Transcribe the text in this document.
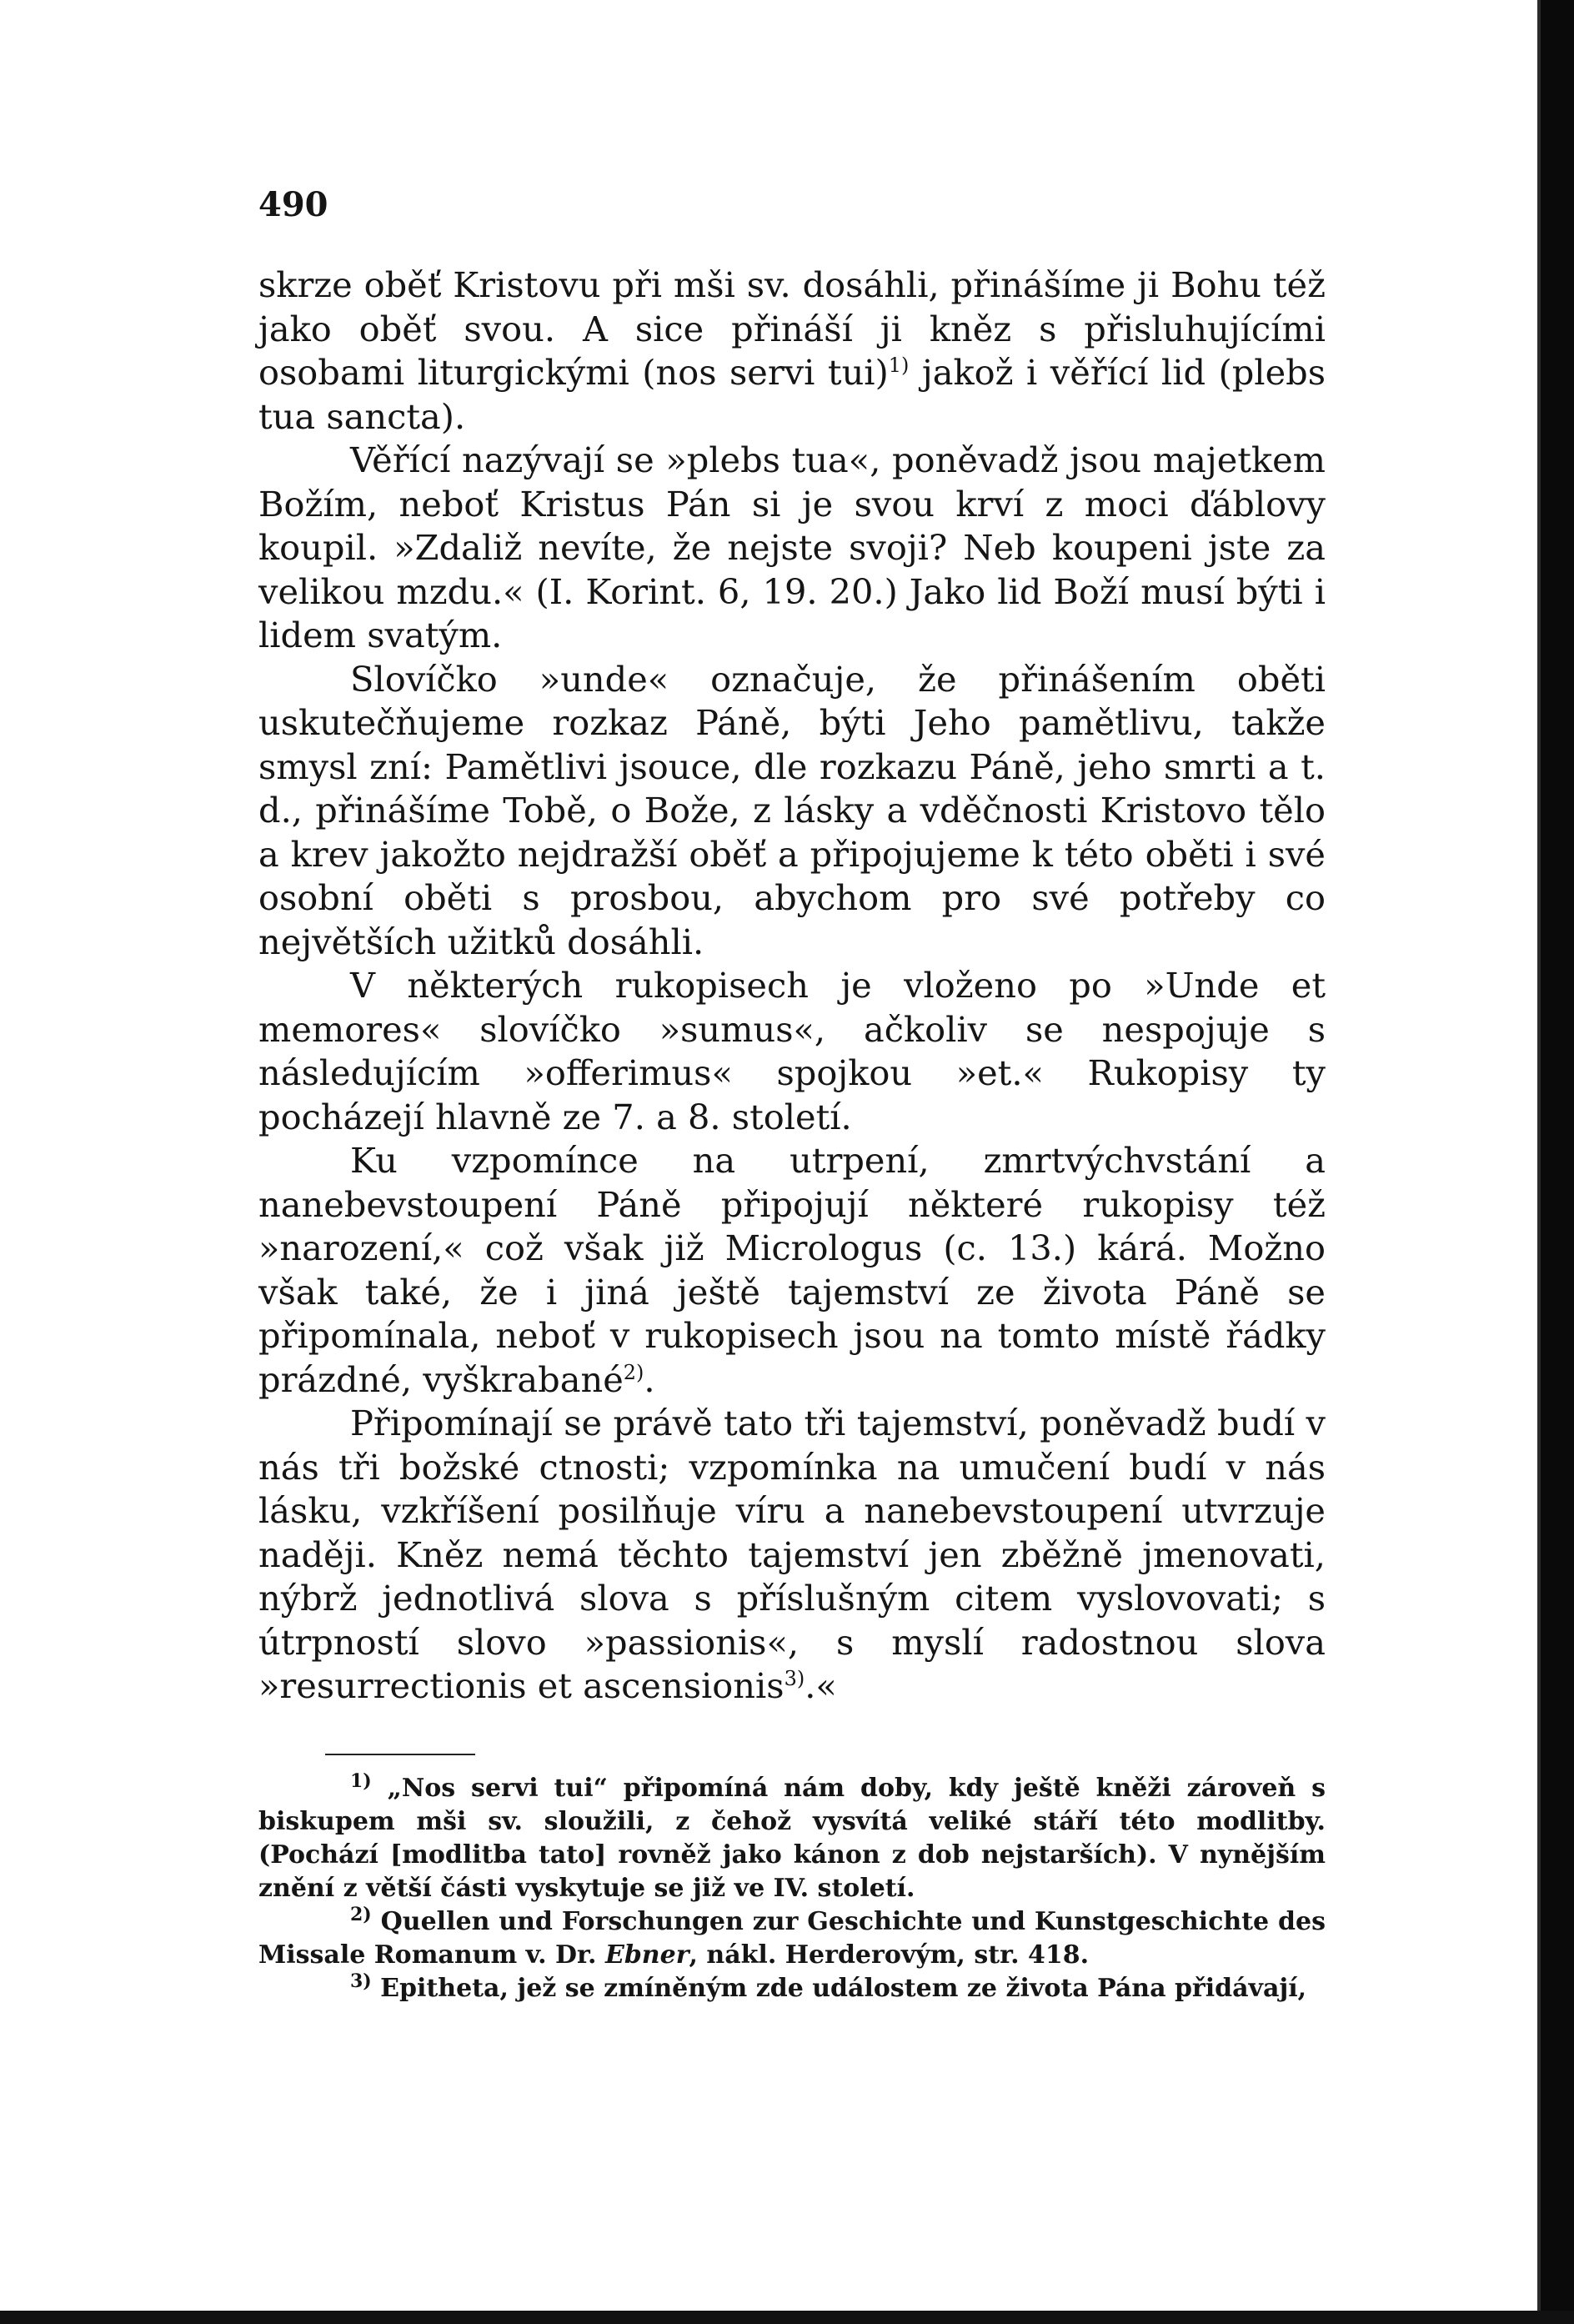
490

skrze oběť Kristovu při mši sv. dosáhli, přinášíme ji Bohu též jako oběť svou. A sice přináší ji kněz s přisluhujícími osobami liturgickými (nos servi tui)$^{1)}$ jakož i věřící lid (plebs tua sancta).

Věřící nazývají se »plebs tua«, poněvadž jsou majetkem Božím, neboť Kristus Pán si je svou krví z moci ďáblovy koupil. »Zdaliž nevíte, že nejste svoji? Neb koupeni jste za velikou mzdu.« (I. Korint. 6, 19. 20.) Jako lid Boží musí býti i lidem svatým.

Slovíčko »unde« označuje, že přinášením oběti uskutečňujeme rozkaz Páně, býti Jeho pamětlivu, takže smysl zní: Pamětlivi jsouce, dle rozkazu Páně, jeho smrti a t. d., přinášíme Tobě, o Bože, z lásky a vděčnosti Kristovo tělo a krev jakožto nejdražší oběť a připojujeme k této oběti i své osobní oběti s prosbou, abychom pro své potřeby co největších užitků dosáhli.

V některých rukopisech je vloženo po »Unde et memores« slovíčko »sumus«, ačkoliv se nespojuje s následujícím »offerimus« spojkou »et.« Rukopisy ty pocházejí hlavně ze 7. a 8. století.

Ku vzpomínce na utrpení, zmrtvýchvstání a nanebevstoupení Páně připojují některé rukopisy též »narození,« což však již Micrologus (c. 13.) kárá. Možno však také, že i jiná ještě tajemství ze života Páně se připomínala, neboť v rukopisech jsou na tomto místě řádky prázdné, vyškrabané$^{2)}$.

Připomínají se právě tato tři tajemství, poněvadž budí v nás tři božské ctnosti; vzpomínka na umučení budí v nás lásku, vzkříšení posilňuje víru a nanebevstoupení utvrzuje naději. Kněz nemá těchto tajemství jen zběžně jmenovati, nýbrž jednotlivá slova s příslušným citem vyslovovati; s útrpností slovo »passionis«, s myslí radostnou slova »resurrectionis et ascensionis$^{3)}$.«

$^{1)}$ „Nos servi tui“ připomíná nám doby, kdy ještě kněži zároveň s biskupem mši sv. sloužili, z čehož vysvítá veliké stáří této modlitby. (Pochází [modlitba tato] rovněž jako kánon z dob nejstarších). V nynějším znění z větší části vyskytuje se již ve IV. století.

$^{2)}$ Quellen und Forschungen zur Geschichte und Kunstgeschichte des Missale Romanum v. Dr. Ebner, nákl. Herderovým, str. 418.

$^{3)}$ Epitheta, jež se zmíněným zde událostem ze života Pána přidávají,
